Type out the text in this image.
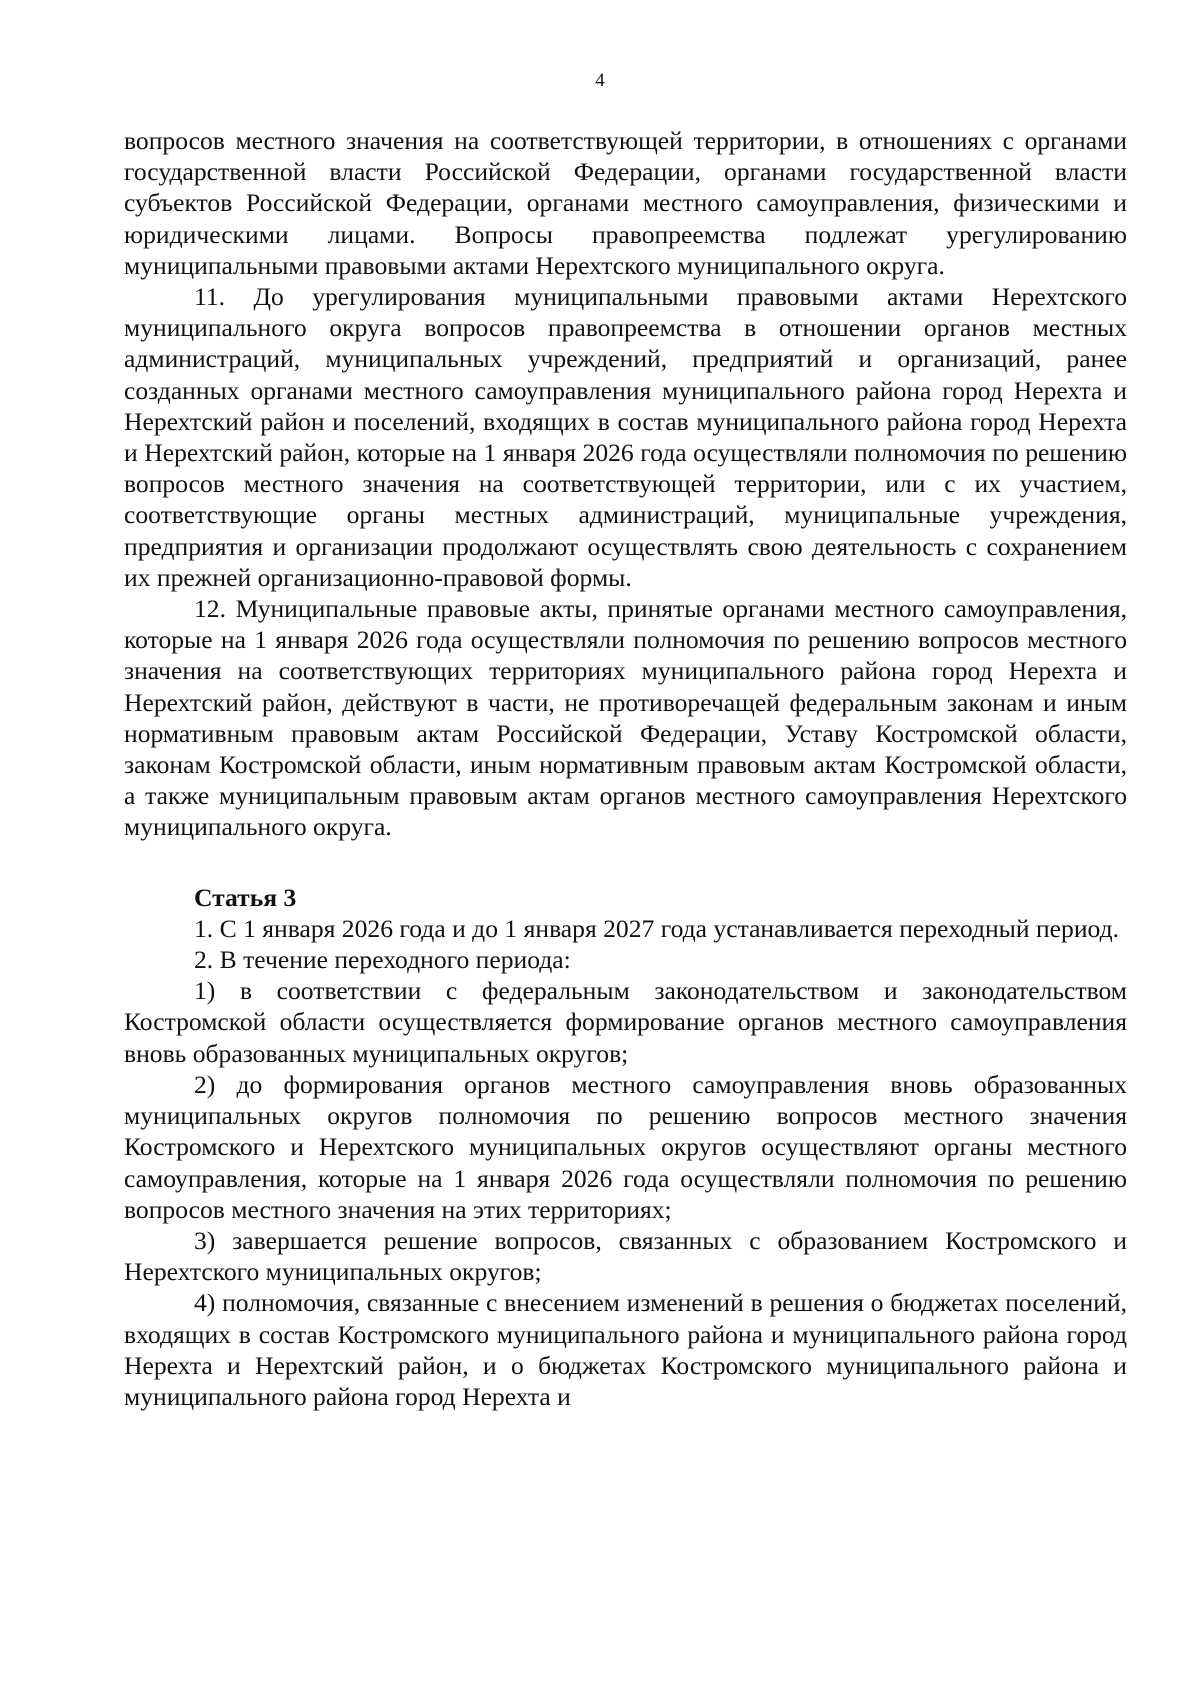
4

вопросов местного значения на соответствующей территории, в отношениях с органами государственной власти Российской Федерации, органами государственной власти субъектов Российской Федерации, органами местного самоуправления, физическими и юридическими лицами. Вопросы правопреемства подлежат урегулированию муниципальными правовыми актами Нерехтского муниципального округа.

11. До урегулирования муниципальными правовыми актами Нерехтского муниципального округа вопросов правопреемства в отношении органов местных администраций, муниципальных учреждений, предприятий и организаций, ранее созданных органами местного самоуправления муниципального района город Нерехта и Нерехтский район и поселений, входящих в состав муниципального района город Нерехта и Нерехтский район, которые на 1 января 2026 года осуществляли полномочия по решению вопросов местного значения на соответствующей территории, или с их участием, соответствующие органы местных администраций, муниципальные учреждения, предприятия и организации продолжают осуществлять свою деятельность с сохранением их прежней организационно-правовой формы.

12. Муниципальные правовые акты, принятые органами местного самоуправления, которые на 1 января 2026 года осуществляли полномочия по решению вопросов местного значения на соответствующих территориях муниципального района город Нерехта и Нерехтский район, действуют в части, не противоречащей федеральным законам и иным нормативным правовым актам Российской Федерации, Уставу Костромской области, законам Костромской области, иным нормативным правовым актам Костромской области, а также муниципальным правовым актам органов местного самоуправления Нерехтского муниципального округа.

Статья 3

1. С 1 января 2026 года и до 1 января 2027 года устанавливается переходный период.

2. В течение переходного периода:

1) в соответствии с федеральным законодательством и законодательством Костромской области осуществляется формирование органов местного самоуправления вновь образованных муниципальных округов;

2) до формирования органов местного самоуправления вновь образованных муниципальных округов полномочия по решению вопросов местного значения Костромского и Нерехтского муниципальных округов осуществляют органы местного самоуправления, которые на 1 января 2026 года осуществляли полномочия по решению вопросов местного значения на этих территориях;

3) завершается решение вопросов, связанных с образованием Костромского и Нерехтского муниципальных округов;

4) полномочия, связанные с внесением изменений в решения о бюджетах поселений, входящих в состав Костромского муниципального района и муниципального района город Нерехта и Нерехтский район, и о бюджетах Костромского муниципального района и муниципального района город Нерехта и
